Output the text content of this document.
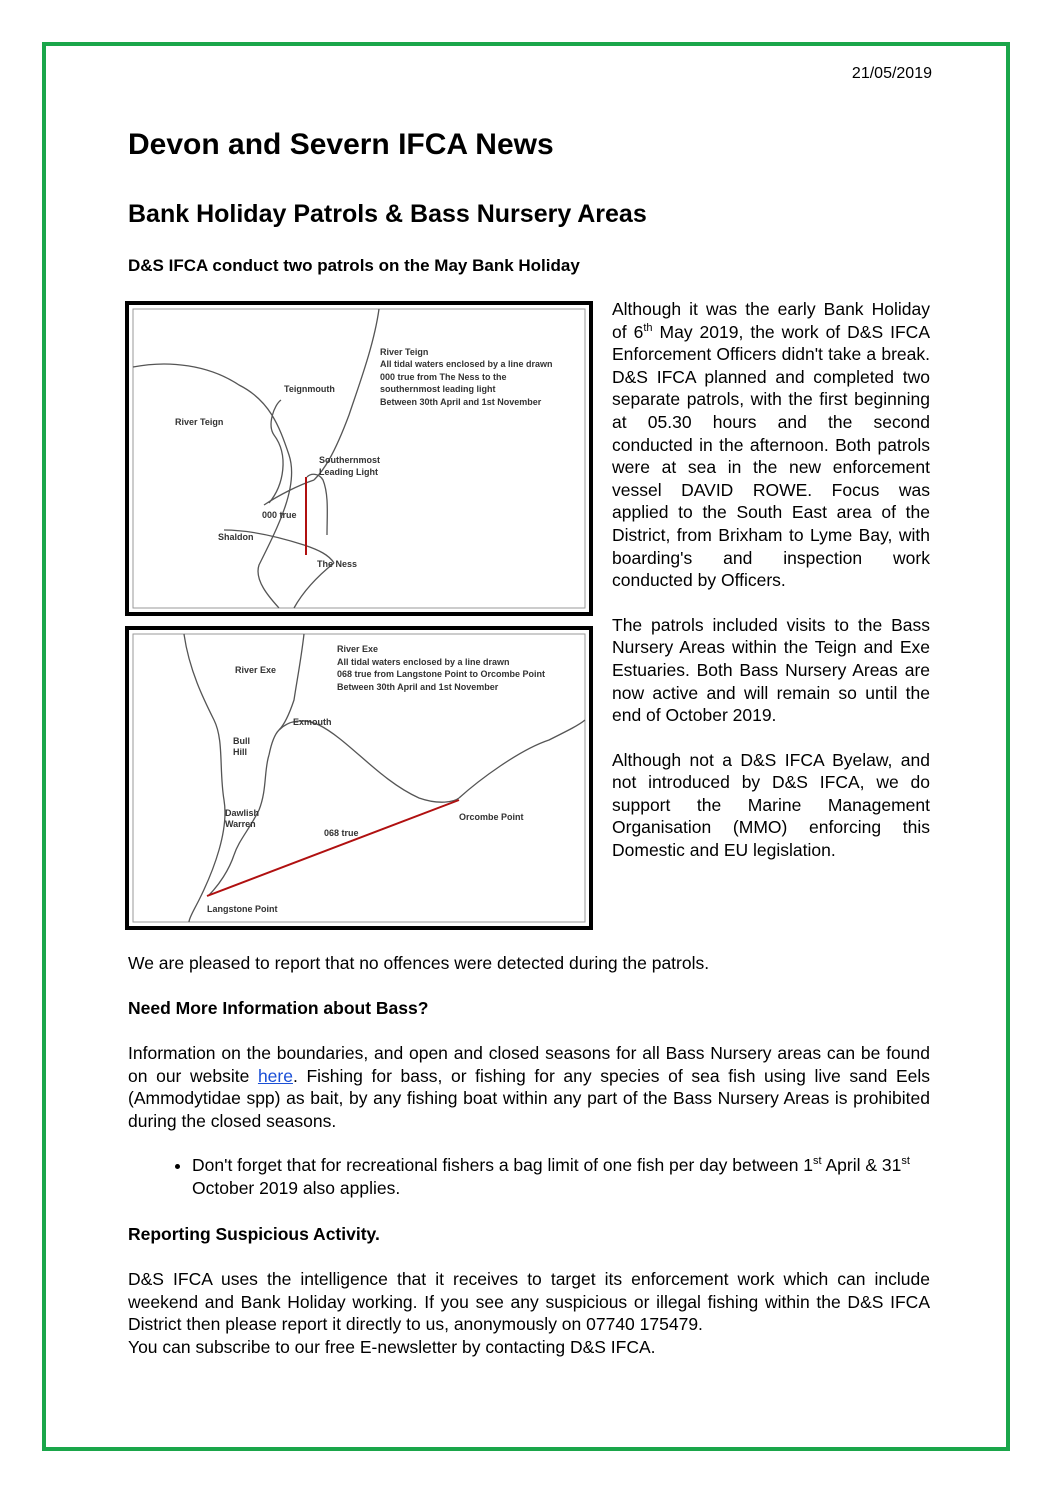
21/05/2019
Devon and Severn IFCA News
Bank Holiday Patrols & Bass Nursery Areas
D&S IFCA conduct two patrols on the May Bank Holiday
River Teign
All tidal waters enclosed by a line drawn
000 true from The Ness to the
southernmost leading light
Between 30th April and 1st November
Teignmouth
River Teign
Southernmost
Leading Light
000 true
Shaldon
The Ness
River Exe
All tidal waters enclosed by a line drawn
068 true from Langstone Point to Orcombe Point
Between 30th April and 1st November
River Exe
Exmouth
Bull
Hill
Dawlish
Warren
068 true
Orcombe Point
Langstone Point

Although it was the early Bank Holiday of 6th May 2019, the work of D&S IFCA Enforcement Officers didn't take a break. D&S IFCA planned and completed two separate patrols, with the first beginning at 05.30 hours and the second conducted in the afternoon. Both patrols were at sea in the new enforcement vessel DAVID ROWE. Focus was applied to the South East area of the District, from Brixham to Lyme Bay, with boarding's and inspection work conducted by Officers.

The patrols included visits to the Bass Nursery Areas within the Teign and Exe Estuaries. Both Bass Nursery Areas are now active and will remain so until the end of October 2019.

Although not a D&S IFCA Byelaw, and not introduced by D&S IFCA, we do support the Marine Management Organisation (MMO) enforcing this Domestic and EU legislation.

We are pleased to report that no offences were detected during the patrols.

Need More Information about Bass?

Information on the boundaries, and open and closed seasons for all Bass Nursery areas can be found on our website here. Fishing for bass, or fishing for any species of sea fish using live sand Eels (Ammodytidae spp) as bait, by any fishing boat within any part of the Bass Nursery Areas is prohibited during the closed seasons.

• Don't forget that for recreational fishers a bag limit of one fish per day between 1st April & 31st October 2019 also applies.

Reporting Suspicious Activity.

D&S IFCA uses the intelligence that it receives to target its enforcement work which can include weekend and Bank Holiday working. If you see any suspicious or illegal fishing within the D&S IFCA District then please report it directly to us, anonymously on 07740 175479.

You can subscribe to our free E-newsletter by contacting D&S IFCA.
